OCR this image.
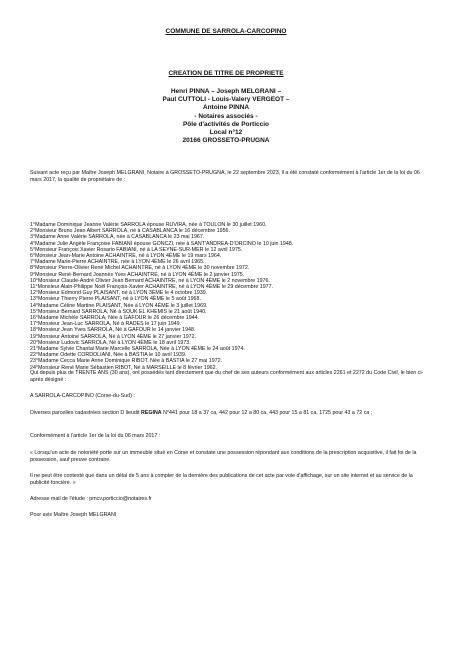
COMMUNE DE SARROLA-CARCOPINO
CREATION DE TITRE DE PROPRIETE
Henri PINNA – Joseph MELGRANI –
Paul CUTTOLI - Louis-Valery VERGEOT –
Antoine PINNA
- Notaires associés -
Pôle d'activités de Porticcio
Local n°12
20166 GROSSETO-PRUGNA

Suivant acte reçu par Maître Joseph MELGRANI, Notaire à GROSSETO-PRUGNA, le 22 septembre 2023, il a été constaté conformément à l'article 1er de la loi du 06 mars 2017, la qualité de propriétaire de :

1°Madame Dominique Jeanne Valérie SARROLA épouse RUVIRA, née à TOULON le 30 juillet 1960.
2°Monsieur Bruno Jean Albert SARROLA, né à CASABLANCA le 16 décembre 1956.
3°Madame Anne Valérie SARROLA, née à CASABLANCA le 23 mai 1967.
4°Madame Julie Angèle Françoise FABIANI épouse GONCZI, née à SANT'ANDREA-D'ORCINO le 10 juin 1948.
5°Monsieur François Xavier Rosario FABIANI, né à LA SEYNE-SUR-MER le 12 avril 1975.
6°Monsieur Jean-Marie Antoine ACHAINTRE, né à LYON 4ÈME le 19 mars 1964.
7°Madame Marie-Pierre ACHAINTRE, née à LYON 4ÈME le 26 avril 1965.
8°Monsieur Pierre-Olivier René Michel ACHAINTRE, né à LYON 4ÈME le 30 novembre 1972.
9°Monsieur René-Bernard Joannès Yves ACHAINTRE, né à LYON 4ÈME le 2 janvier 1975.
10°Monsieur Claude-André Olivier Jean Bernard ACHAINTRE, né à LYON 4ÈME le 2 novembre 1976.
11°Monsieur Alain-Philippe Noël François-Xavier ACHAINTRE, né à LYON 4ÈME le 29 décembre 1977.
12°Monsieur Edmond Guy PLAISANT, né à LYON 3ÈME le 4 octobre 1939.
13°Monsieur Thierry Pierre PLAISANT, né à LYON 4ÈME le 5 août 1968.
14°Madame Céline Martine PLAISANT, Née à LYON 4ÈME le 3 juillet 1969.
15°Monsieur Bernard SARROLA, Né à SOUK EL KHEMIS le 21 août 1940.
16°Madame Michèle SARROLA, Née à GAFOUR le 26 décembre 1944.
17°Monsieur Jean-Luc SARROLA, Né à RADES le 17 juin 1949.
18°Monsieur Jean Yves SARROLA, Né à GAFOUR le 14 janvier 1948.
19°Monsieur Antoine SARROLA, Né à LYON 4ÈME le 27 janvier 1972.
20°Monsieur Ludovic SARROLA, Né à LYON 4ÈME le 18 avril 1973.
21°Madame Sylvie Chantal Marie Marcelle SARROLA, Née à LYON 4ÈME le 24 août 1974.
22°Madame Odette CORDOLIANI, Née à BASTIA le 10 avril 1939.
23°Madame Cecca Marie Anne Dominique RIBOT, Née à BASTIA le 27 mai 1972.
24°Monsieur René Marie Sébastien RIBOT, Né à MARSEILLE le 8 février 1962.

Qui depuis plus de TRENTE ANS (30 ans), ont possédés tant directement que du chef de ses auteurs conformément aux articles 2261 et 2272 du Code Civil, le bien ci-après désigné :

A SARROLA-CARCOPINO (Corse-du-Sud) :

Diverses parcelles cadastrées section D lieudit REGINA N°441 pour 18 a 37 ca, 442 pour 12 a 80 ca, 443 pour 15 a 81 ca, 1725 pour 43 a 72 ca ;

Conformément à l'article 1er de la loi du 06 mars 2017 :

« Lorsqu'un acte de notoriété porte sur un immeuble situé en Corse et constate une possession répondant aux conditions de la prescription acquisitive, il fait foi de la possession, sauf preuve contraire.

Il ne peut être contesté que dans un délai de 5 ans à compter de la dernière des publications de cet acte par voie d'affichage, sur un site internet et au service de la publicité foncière. »

Adresse mail de l'étude : pmcv.porticcio@notaires.fr

Pour avis Maître Joseph MELGRANI
